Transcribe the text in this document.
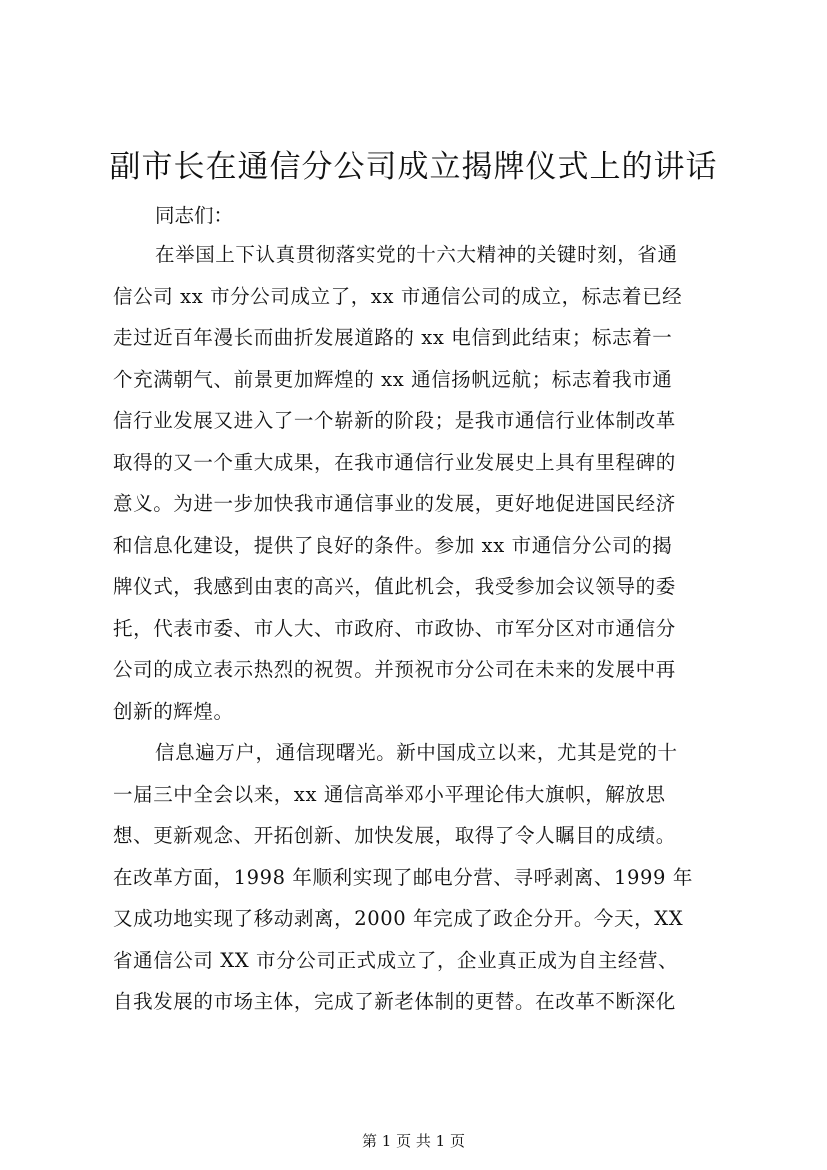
副市长在通信分公司成立揭牌仪式上的讲话
同志们：
在举国上下认真贯彻落实党的十六大精神的关键时刻，省通
信公司 xx 市分公司成立了，xx 市通信公司的成立，标志着已经
走过近百年漫长而曲折发展道路的 xx 电信到此结束；标志着一
个充满朝气、前景更加辉煌的 xx 通信扬帆远航；标志着我市通
信行业发展又进入了一个崭新的阶段；是我市通信行业体制改革
取得的又一个重大成果，在我市通信行业发展史上具有里程碑的
意义。为进一步加快我市通信事业的发展，更好地促进国民经济
和信息化建设，提供了良好的条件。参加 xx 市通信分公司的揭
牌仪式，我感到由衷的高兴，值此机会，我受参加会议领导的委
托，代表市委、市人大、市政府、市政协、市军分区对市通信分
公司的成立表示热烈的祝贺。并预祝市分公司在未来的发展中再
创新的辉煌。
信息遍万户，通信现曙光。新中国成立以来，尤其是党的十
一届三中全会以来，xx 通信高举邓小平理论伟大旗帜，解放思
想、更新观念、开拓创新、加快发展，取得了令人瞩目的成绩。
在改革方面，1998 年顺利实现了邮电分营、寻呼剥离、1999 年
又成功地实现了移动剥离，2000 年完成了政企分开。今天，XX
省通信公司 XX 市分公司正式成立了，企业真正成为自主经营、
自我发展的市场主体，完成了新老体制的更替。在改革不断深化
第 1 页 共 1 页
